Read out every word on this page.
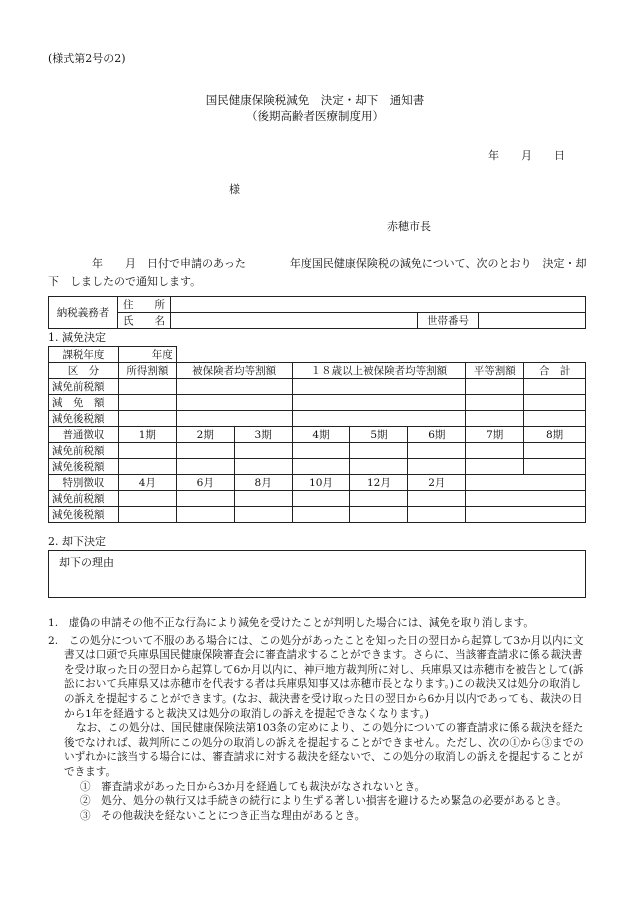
(様式第2号の2)
国民健康保険税減免　決定・却下　通知書
（後期高齢者医療制度用）
年 月 日
様
赤穂市長
　　　　年　　月　日付で申請のあった　　　　年度国民健康保険税の減免について、次のとおり　決定・却下　しましたので通知します。
納税義務者	住　　所			
	氏　　名		世帯番号	
1. 減免決定
課税年度	年度							
区　分	所得割額	被保険者均等割額		１８歳以上被保険者均等割額			平等割額	合　計
減免前税額								
減　免　額								
減免後税額								
普通徴収	1期	2期	3期	4期	5期	6期	7期	8期
減免前税額								
減免後税額								
特別徴収	4月	6月	8月	10月	12月	2月		
減免前税額								
減免後税額								
2. 却下決定
却下の理由

1.　虚偽の申請その他不正な行為により減免を受けたことが判明した場合には、減免を取り消します。

2.　この処分について不服のある場合には、この処分があったことを知った日の翌日から起算して3か月以内に文書又は口頭で兵庫県国民健康保険審査会に審査請求することができます。さらに、当該審査請求に係る裁決書を受け取った日の翌日から起算して6か月以内に、神戸地方裁判所に対し、兵庫県又は赤穂市を被告として(訴訟において兵庫県又は赤穂市を代表する者は兵庫県知事又は赤穂市長となります。)この裁決又は処分の取消しの訴えを提起することができます。(なお、裁決書を受け取った日の翌日から6か月以内であっても、裁決の日から1年を経過すると裁決又は処分の取消しの訴えを提起できなくなります。)

なお、この処分は、国民健康保険法第103条の定めにより、この処分についての審査請求に係る裁決を経た後でなければ、裁判所にこの処分の取消しの訴えを提起することができません。ただし、次の①から③までのいずれかに該当する場合には、審査請求に対する裁決を経ないで、この処分の取消しの訴えを提起することができます。

①　審査請求があった日から3か月を経過しても裁決がなされないとき。

②　処分、処分の執行又は手続きの続行により生ずる著しい損害を避けるため緊急の必要があるとき。

③　その他裁決を経ないことにつき正当な理由があるとき。
